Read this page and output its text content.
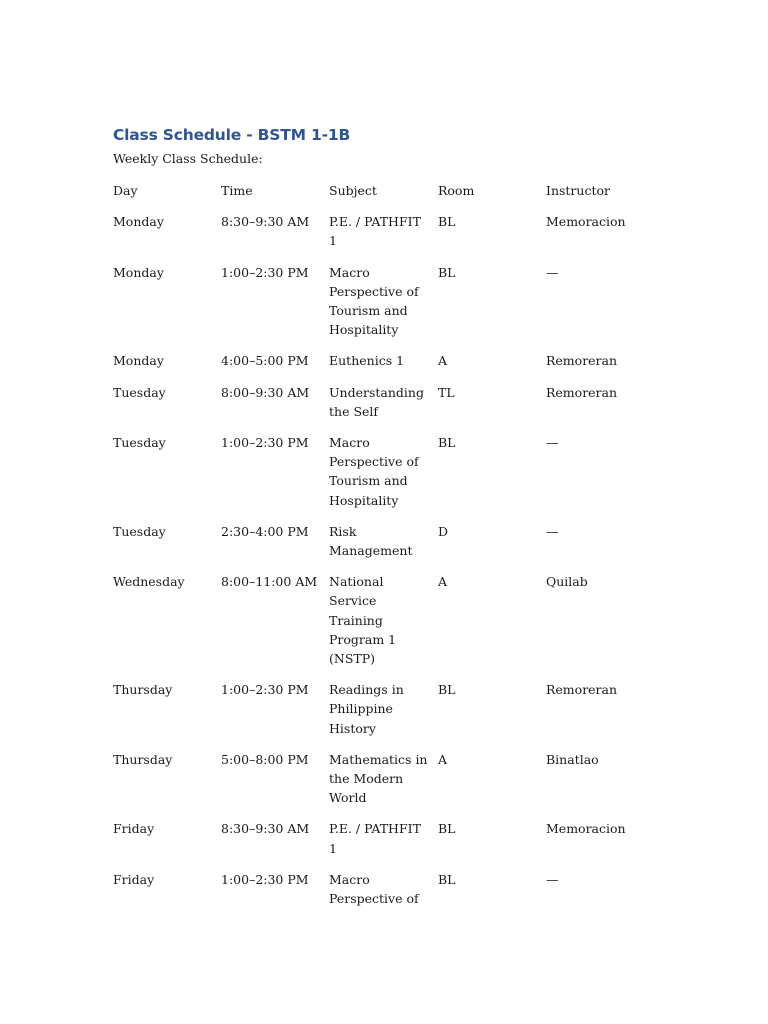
Class Schedule - BSTM 1-1B

Weekly Class Schedule:

Day	Time	Subject	Room	Instructor
Monday	8:30–9:30 AM	P.E. / PATHFIT 1	BL	Memoracion
Monday	1:00–2:30 PM	Macro Perspective of Tourism and Hospitality	BL	—
Monday	4:00–5:00 PM	Euthenics 1	A	Remoreran
Tuesday	8:00–9:30 AM	Understanding the Self	TL	Remoreran
Tuesday	1:00–2:30 PM	Macro Perspective of Tourism and Hospitality	BL	—
Tuesday	2:30–4:00 PM	Risk Management	D	—
Wednesday	8:00–11:00 AM	National Service Training Program 1 (NSTP)	A	Quilab
Thursday	1:00–2:30 PM	Readings in Philippine History	BL	Remoreran
Thursday	5:00–8:00 PM	Mathematics in the Modern World	A	Binatlao
Friday	8:30–9:30 AM	P.E. / PATHFIT 1	BL	Memoracion
Friday	1:00–2:30 PM	Macro Perspective of	BL	—
